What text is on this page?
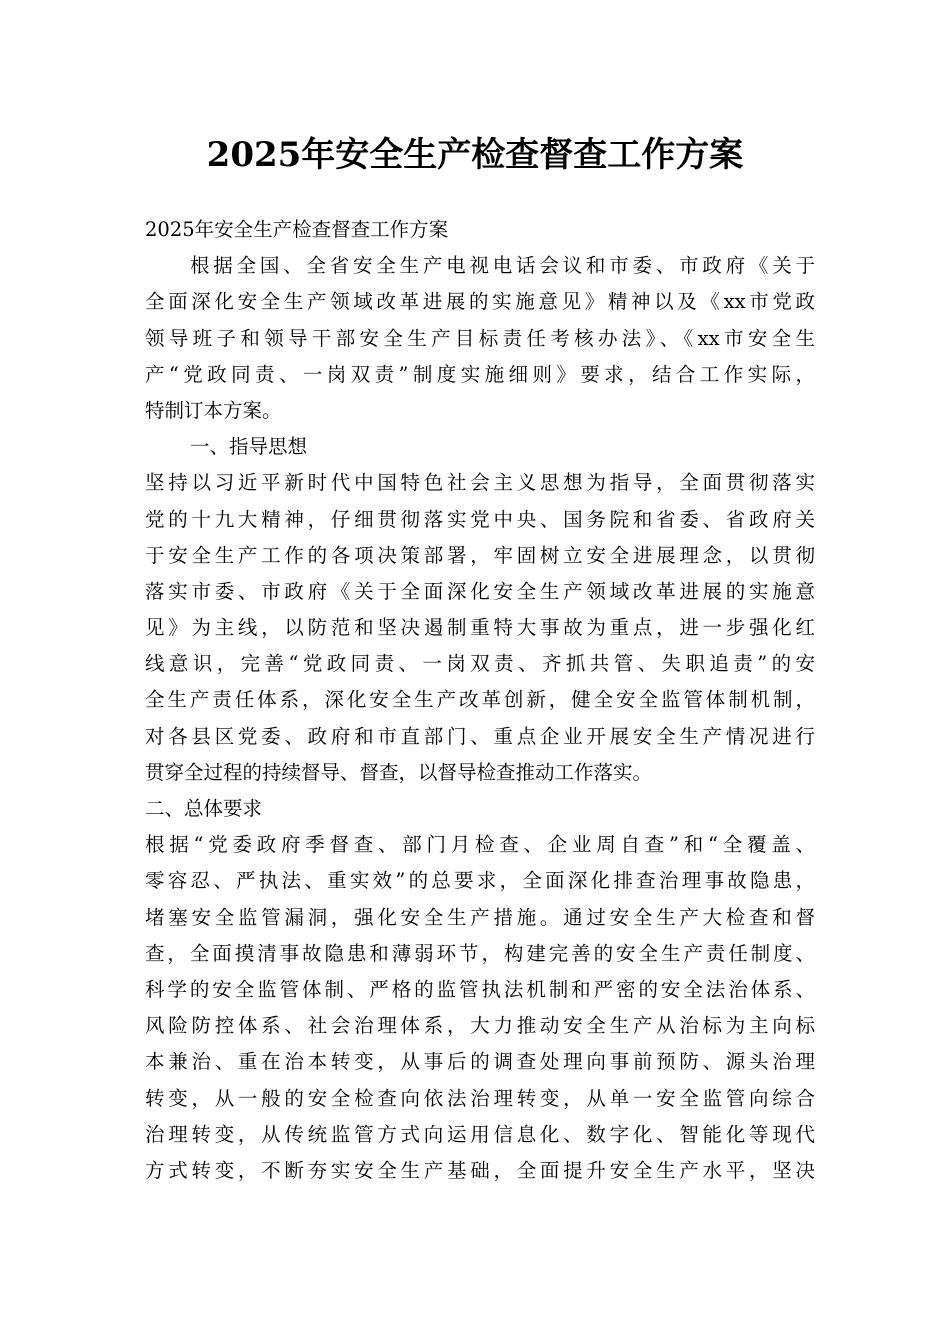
2025年安全生产检查督查工作方案
2025年安全生产检查督查工作方案
根据全国、全省安全生产电视电话会议和市委、市政府《关于
全面深化安全生产领域改革进展的实施意见》精神以及《xx市党政
领导班子和领导干部安全生产目标责任考核办法》、《xx市安全生
产“党政同责、一岗双责”制度实施细则》要求，结合工作实际，
特制订本方案。
一、指导思想
坚持以习近平新时代中国特色社会主义思想为指导，全面贯彻落实
党的十九大精神，仔细贯彻落实党中央、国务院和省委、省政府关
于安全生产工作的各项决策部署，牢固树立安全进展理念，以贯彻
落实市委、市政府《关于全面深化安全生产领域改革进展的实施意
见》为主线，以防范和坚决遏制重特大事故为重点，进一步强化红
线意识，完善“党政同责、一岗双责、齐抓共管、失职追责”的安
全生产责任体系，深化安全生产改革创新，健全安全监管体制机制，
对各县区党委、政府和市直部门、重点企业开展安全生产情况进行
贯穿全过程的持续督导、督查，以督导检查推动工作落实。
二、总体要求
根据“党委政府季督查、部门月检查、企业周自查”和“全覆盖、
零容忍、严执法、重实效”的总要求，全面深化排查治理事故隐患，
堵塞安全监管漏洞，强化安全生产措施。通过安全生产大检查和督
查，全面摸清事故隐患和薄弱环节，构建完善的安全生产责任制度、
科学的安全监管体制、严格的监管执法机制和严密的安全法治体系、
风险防控体系、社会治理体系，大力推动安全生产从治标为主向标
本兼治、重在治本转变，从事后的调查处理向事前预防、源头治理
转变，从一般的安全检查向依法治理转变，从单一安全监管向综合
治理转变，从传统监管方式向运用信息化、数字化、智能化等现代
方式转变，不断夯实安全生产基础，全面提升安全生产水平，坚决
